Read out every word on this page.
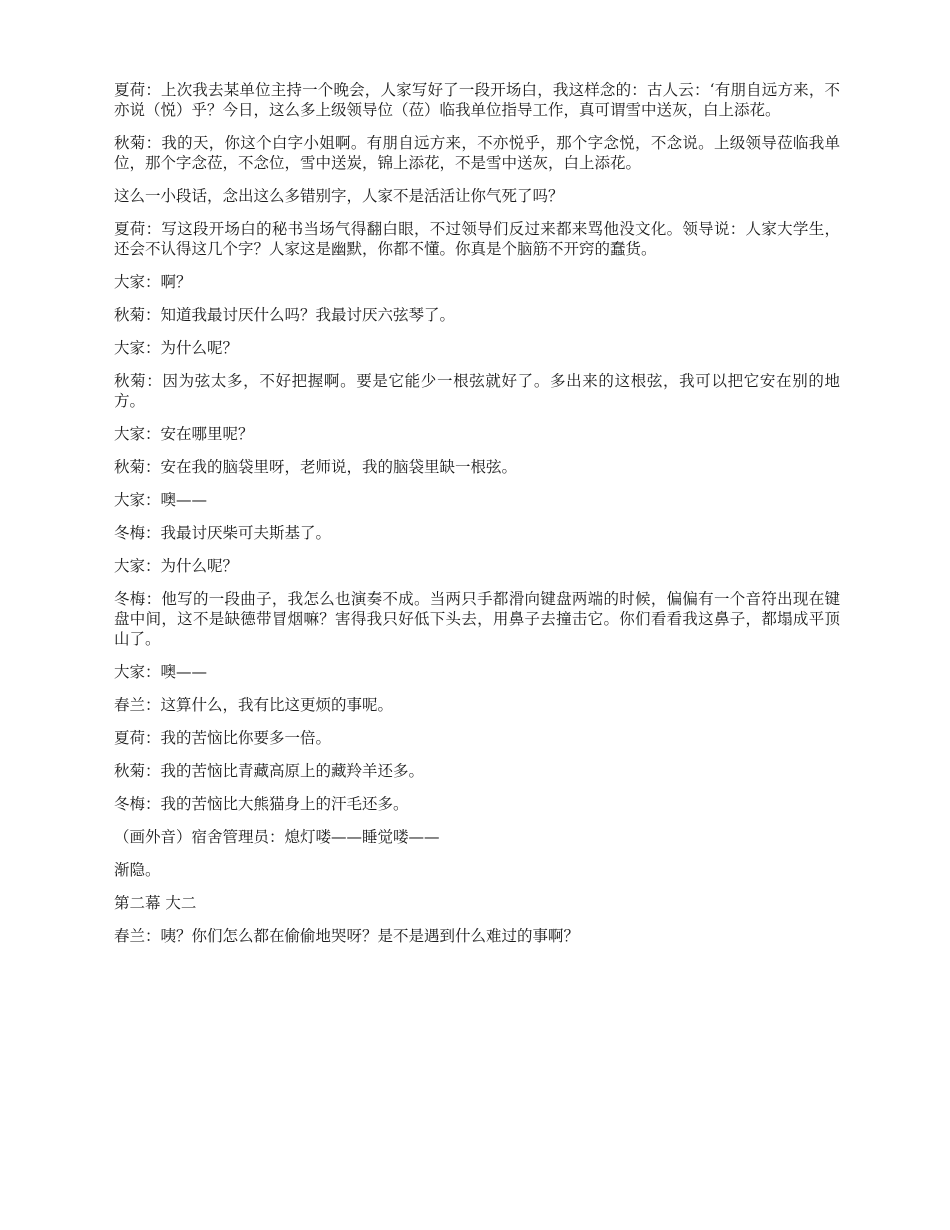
夏荷：上次我去某单位主持一个晚会，人家写好了一段开场白，我这样念的：古人云：‘有朋自远方来，不亦说（悦）乎？今日，这么多上级领导位（莅）临我单位指导工作，真可谓雪中送灰，白上添花。

秋菊：我的天，你这个白字小姐啊。有朋自远方来，不亦悦乎，那个字念悦，不念说。上级领导莅临我单位，那个字念莅，不念位，雪中送炭，锦上添花，不是雪中送灰，白上添花。

这么一小段话，念出这么多错别字，人家不是活活让你气死了吗？

夏荷：写这段开场白的秘书当场气得翻白眼，不过领导们反过来都来骂他没文化。领导说：人家大学生，还会不认得这几个字？人家这是幽默，你都不懂。你真是个脑筋不开窍的蠢货。

大家：啊？

秋菊：知道我最讨厌什么吗？我最讨厌六弦琴了。

大家：为什么呢？

秋菊：因为弦太多，不好把握啊。要是它能少一根弦就好了。多出来的这根弦，我可以把它安在别的地方。

大家：安在哪里呢？

秋菊：安在我的脑袋里呀，老师说，我的脑袋里缺一根弦。

大家：噢——

冬梅：我最讨厌柴可夫斯基了。

大家：为什么呢？

冬梅：他写的一段曲子，我怎么也演奏不成。当两只手都滑向键盘两端的时候，偏偏有一个音符出现在键盘中间，这不是缺德带冒烟嘛？害得我只好低下头去，用鼻子去撞击它。你们看看我这鼻子，都塌成平顶山了。

大家：噢——

春兰：这算什么，我有比这更烦的事呢。

夏荷：我的苦恼比你要多一倍。

秋菊：我的苦恼比青藏高原上的藏羚羊还多。

冬梅：我的苦恼比大熊猫身上的汗毛还多。

（画外音）宿舍管理员：熄灯喽——睡觉喽——

渐隐。

第二幕 大二

春兰：咦？你们怎么都在偷偷地哭呀？是不是遇到什么难过的事啊？
